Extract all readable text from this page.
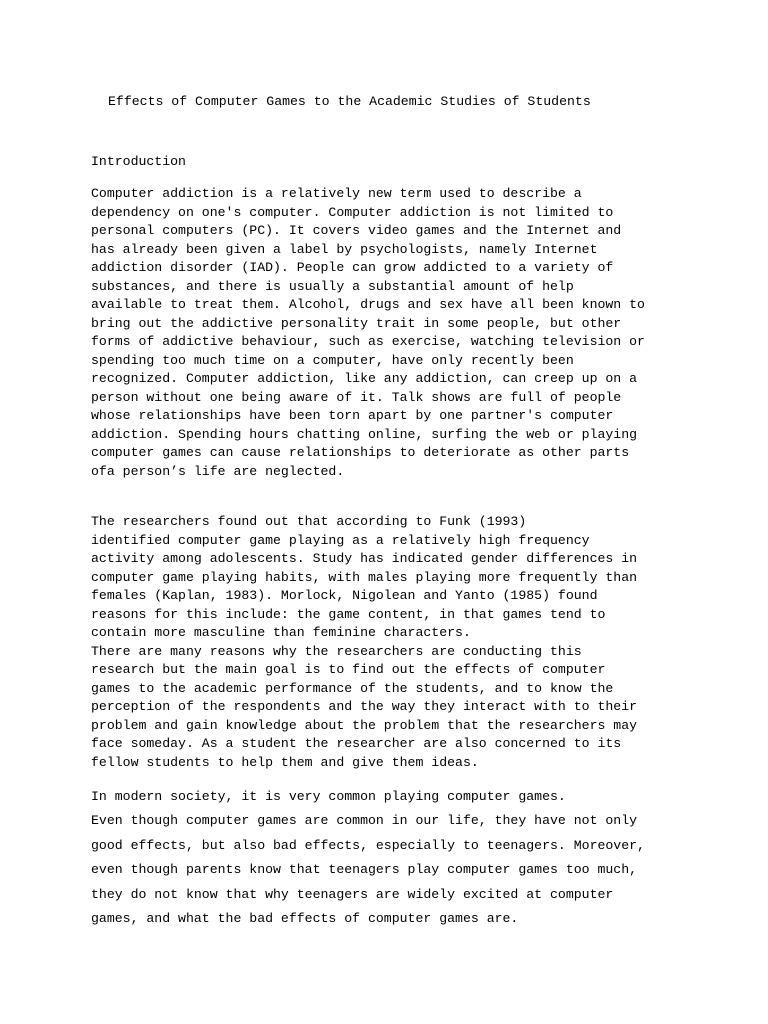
Effects of Computer Games to the Academic Studies of Students
Introduction

Computer addiction is a relatively new term used to describe a
dependency on one's computer. Computer addiction is not limited to
personal computers (PC). It covers video games and the Internet and
has already been given a label by psychologists, namely Internet
addiction disorder (IAD). People can grow addicted to a variety of
substances, and there is usually a substantial amount of help
available to treat them. Alcohol, drugs and sex have all been known to
bring out the addictive personality trait in some people, but other
forms of addictive behaviour, such as exercise, watching television or
spending too much time on a computer, have only recently been
recognized. Computer addiction, like any addiction, can creep up on a
person without one being aware of it. Talk shows are full of people
whose relationships have been torn apart by one partner's computer
addiction. Spending hours chatting online, surfing the web or playing
computer games can cause relationships to deteriorate as other parts
ofa person’s life are neglected.

The researchers found out that according to Funk (1993)
identified computer game playing as a relatively high frequency
activity among adolescents. Study has indicated gender differences in
computer game playing habits, with males playing more frequently than
females (Kaplan, 1983). Morlock, Nigolean and Yanto (1985) found
reasons for this include: the game content, in that games tend to
contain more masculine than feminine characters.
There are many reasons why the researchers are conducting this
research but the main goal is to find out the effects of computer
games to the academic performance of the students, and to know the
perception of the respondents and the way they interact with to their
problem and gain knowledge about the problem that the researchers may
face someday. As a student the researcher are also concerned to its
fellow students to help them and give them ideas.

In modern society, it is very common playing computer games.
Even though computer games are common in our life, they have not only
good effects, but also bad effects, especially to teenagers. Moreover,
even though parents know that teenagers play computer games too much,
they do not know that why teenagers are widely excited at computer
games, and what the bad effects of computer games are.
